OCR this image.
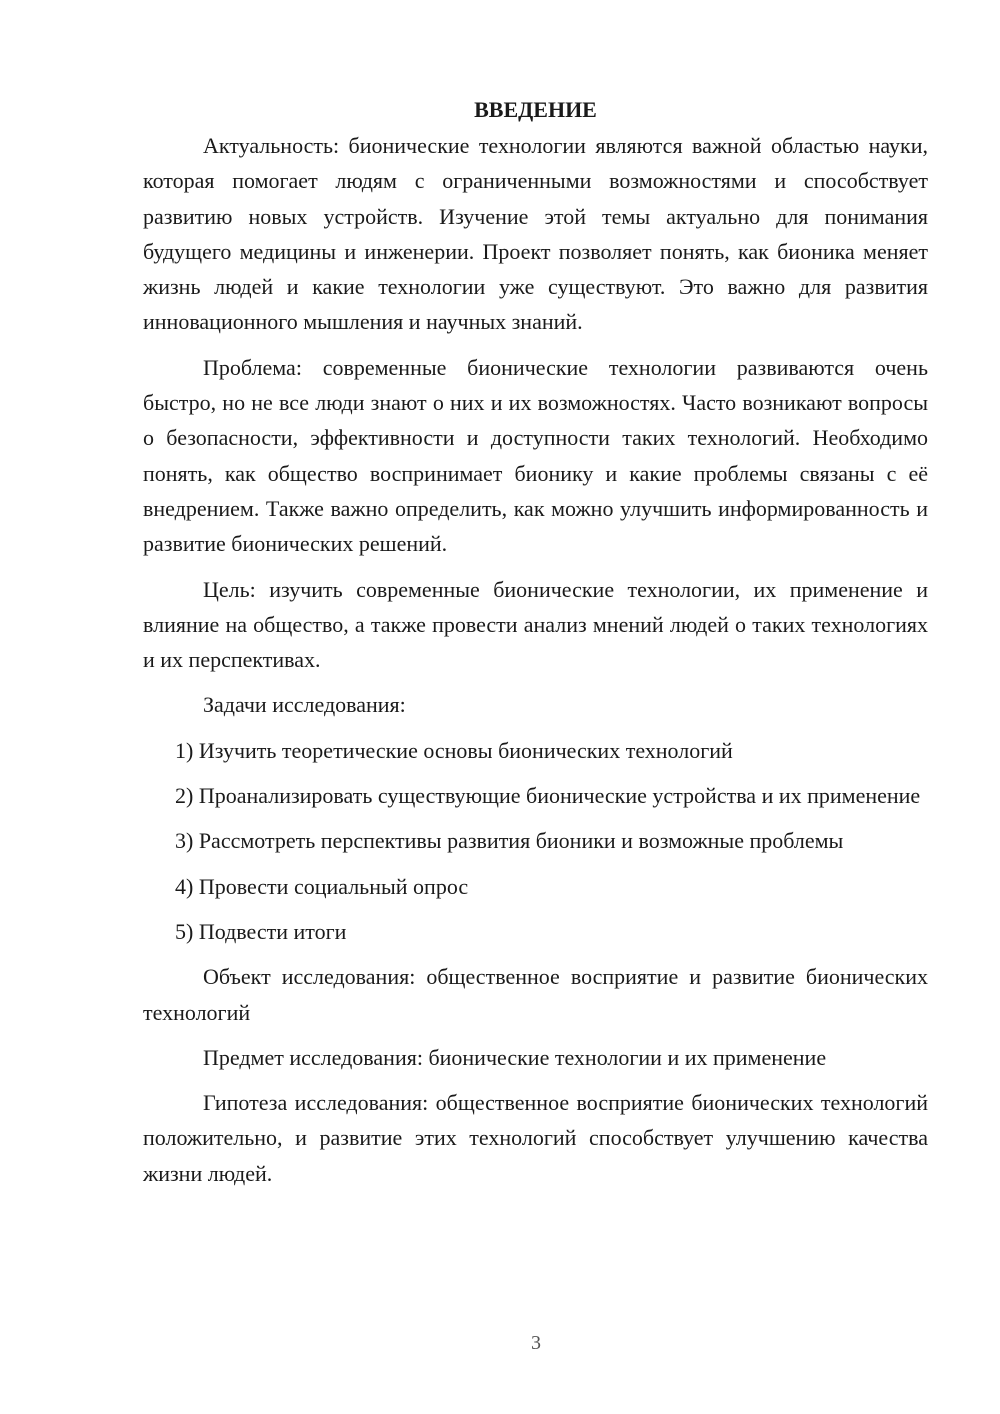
ВВЕДЕНИЕ

Актуальность: бионические технологии являются важной областью науки, которая помогает людям с ограниченными возможностями и способствует развитию новых устройств. Изучение этой темы актуально для понимания будущего медицины и инженерии. Проект позволяет понять, как бионика меняет жизнь людей и какие технологии уже существуют. Это важно для развития инновационного мышления и научных знаний.

Проблема: современные бионические технологии развиваются очень быстро, но не все люди знают о них и их возможностях. Часто возникают вопросы о безопасности, эффективности и доступности таких технологий. Необходимо понять, как общество воспринимает бионику и какие проблемы связаны с её внедрением. Также важно определить, как можно улучшить информированность и развитие бионических решений.

Цель: изучить современные бионические технологии, их применение и влияние на общество, а также провести анализ мнений людей о таких технологиях и их перспективах.

Задачи исследования:

1) Изучить теоретические основы бионических технологий

2) Проанализировать существующие бионические устройства и их применение

3) Рассмотреть перспективы развития бионики и возможные проблемы

4) Провести социальный опрос

5) Подвести итоги

Объект исследования: общественное восприятие и развитие бионических технологий

Предмет исследования: бионические технологии и их применение

Гипотеза исследования: общественное восприятие бионических технологий положительно, и развитие этих технологий способствует улучшению качества жизни людей.

3
